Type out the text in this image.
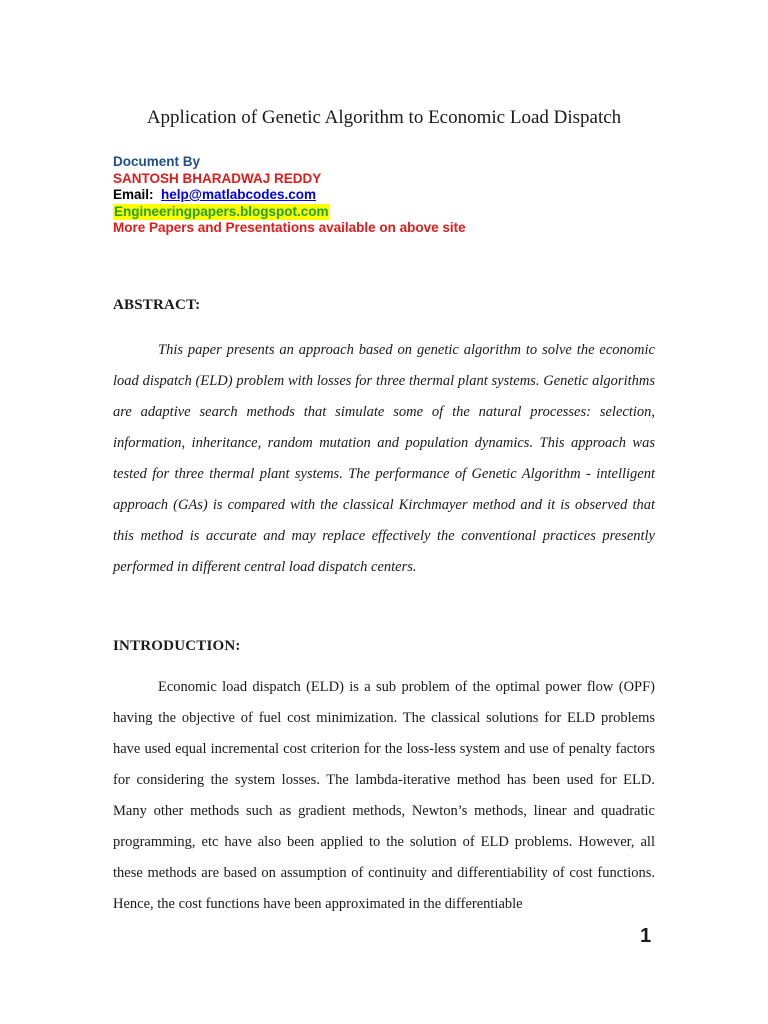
Application of Genetic Algorithm to Economic Load Dispatch
Document By
SANTOSH BHARADWAJ REDDY
Email: help@matlabcodes.com
Engineeringpapers.blogspot.com
More Papers and Presentations available on above site
ABSTRACT:

This paper presents an approach based on genetic algorithm to solve the economic load dispatch (ELD) problem with losses for three thermal plant systems. Genetic algorithms are adaptive search methods that simulate some of the natural processes: selection, information, inheritance, random mutation and population dynamics. This approach was tested for three thermal plant systems. The performance of Genetic Algorithm - intelligent approach (GAs) is compared with the classical Kirchmayer method and it is observed that this method is accurate and may replace effectively the conventional practices presently performed in different central load dispatch centers.

INTRODUCTION:

Economic load dispatch (ELD) is a sub problem of the optimal power flow (OPF) having the objective of fuel cost minimization. The classical solutions for ELD problems have used equal incremental cost criterion for the loss-less system and use of penalty factors for considering the system losses. The lambda-iterative method has been used for ELD. Many other methods such as gradient methods, Newton’s methods, linear and quadratic programming, etc have also been applied to the solution of ELD problems. However, all these methods are based on assumption of continuity and differentiability of cost functions. Hence, the cost functions have been approximated in the differentiable

1
